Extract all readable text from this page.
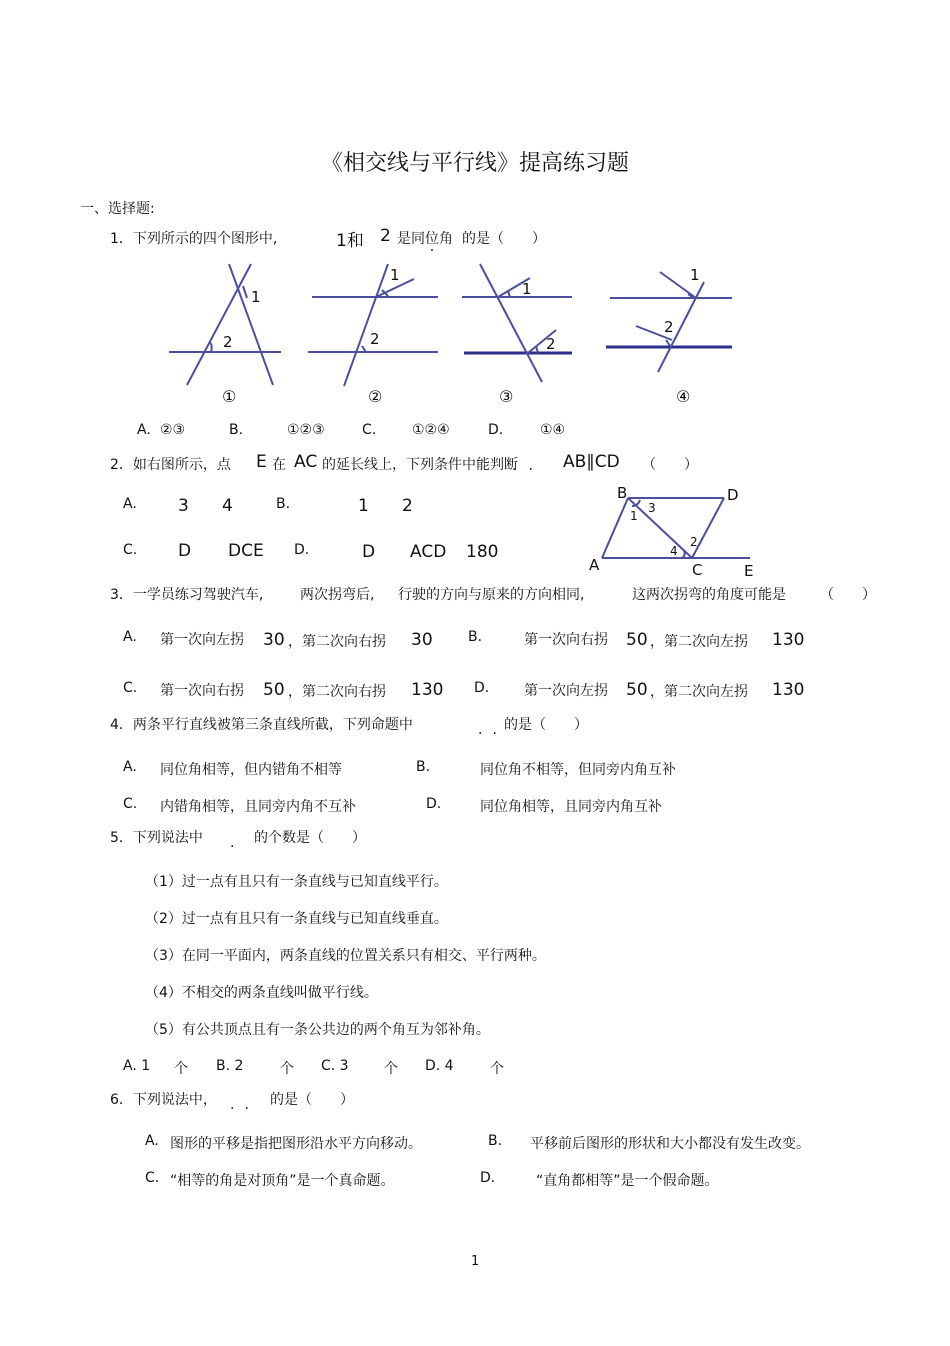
《相交线与平行线》提高练习题
一、选择题:
1．下列所示的四个图形中,	1和 2 是同位角 的是（　　）
1
2
①
1
2
②
1
2
③
1
2
④
A. ②③	B.	①②③	C.	①②④	D.	①④
2．如右图所示，点 E 在 AC 的延长线上，下列条件中能判断
·· AB∥CD （　　）
A. 3 4	B.	1 2
C. D DCE D.	D ACD 180
B	D
A	C	E
1
3
2
4
3．一学员练习驾驶汽车,	两次拐弯后, 行驶的方向与原来的方向相同,	这两次拐弯的角度可能是 （　　）
A. 第一次向左拐 30 ，第二次向右拐 30	B.	第一次向右拐 50 ，第二次向左拐 130
C. 第一次向右拐 50 ，第二次向右拐 130 D. 第一次向左拐 50 ，第二次向左拐 130
4．两条平行直线被第三条直线所截，下列命题中
··
的是（　　）
A. 同位角相等，但内错角不相等	B.	同位角不相等，但同旁内角互补
C. 内错角相等，且同旁内角不互补	D.	同位角相等，且同旁内角互补
5．下列说法中
·
的个数是（　　）
（1）过一点有且只有一条直线与已知直线平行。
（2）过一点有且只有一条直线与已知直线垂直。
（3）在同一平面内，两条直线的位置关系只有相交、平行两种。
（4）不相交的两条直线叫做平行线。
（5）有公共顶点且有一条公共边的两个角互为邻补角。
A. 1 个 B. 2	个 C. 3	个 D. 4	个
6．下列说法中，
··
的是（　　）
A. 图形的平移是指把图形沿水平方向移动。	B. 平移前后图形的形状和大小都没有发生改变。
C. “相等的角是对顶角”是一个真命题。	D.	“直角都相等”是一个假命题。
1
